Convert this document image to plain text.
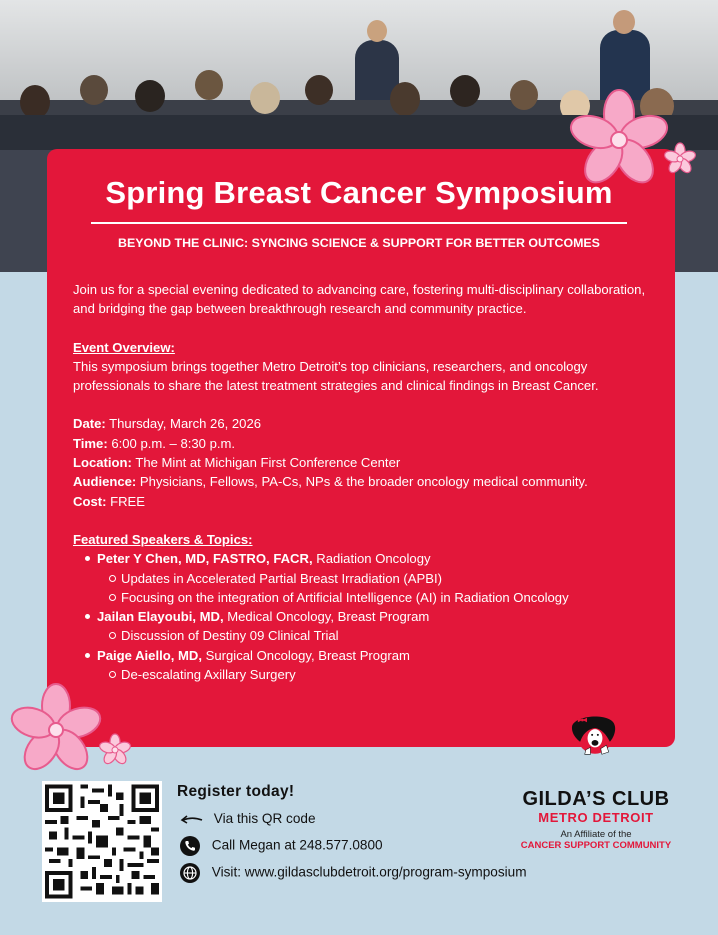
Spring Breast Cancer Symposium
BEYOND THE CLINIC: SYNCING SCIENCE & SUPPORT FOR BETTER OUTCOMES

Join us for a special evening dedicated to advancing care, fostering multi-disciplinary collaboration, and bridging the gap between breakthrough research and community practice.

Event Overview:

This symposium brings together Metro Detroit’s top clinicians, researchers, and oncology professionals to share the latest treatment strategies and clinical findings in Breast Cancer.

Date: Thursday, March 26, 2026

Time: 6:00 p.m. – 8:30 p.m.

Location: The Mint at Michigan First Conference Center

Audience: Physicians, Fellows, PA-Cs, NPs & the broader oncology medical community.

Cost: FREE

Featured Speakers & Topics:

Peter Y Chen, MD, FASTRO, FACR, Radiation Oncology
Updates in Accelerated Partial Breast Irradiation (APBI)
Focusing on the integration of Artificial Intelligence (AI) in Radiation Oncology
Jailan Elayoubi, MD, Medical Oncology, Breast Program
Discussion of Destiny 09 Clinical Trial
Paige Aiello, MD, Surgical Oncology, Breast Program
De-escalating Axillary Surgery
Register today!
Via this QR code
Call Megan at 248.577.0800
Visit: www.gildasclubdetroit.org/program-symposium
GILDA’S CLUB
METRO DETROIT
An Affiliate of the
CANCER SUPPORT COMMUNITY
